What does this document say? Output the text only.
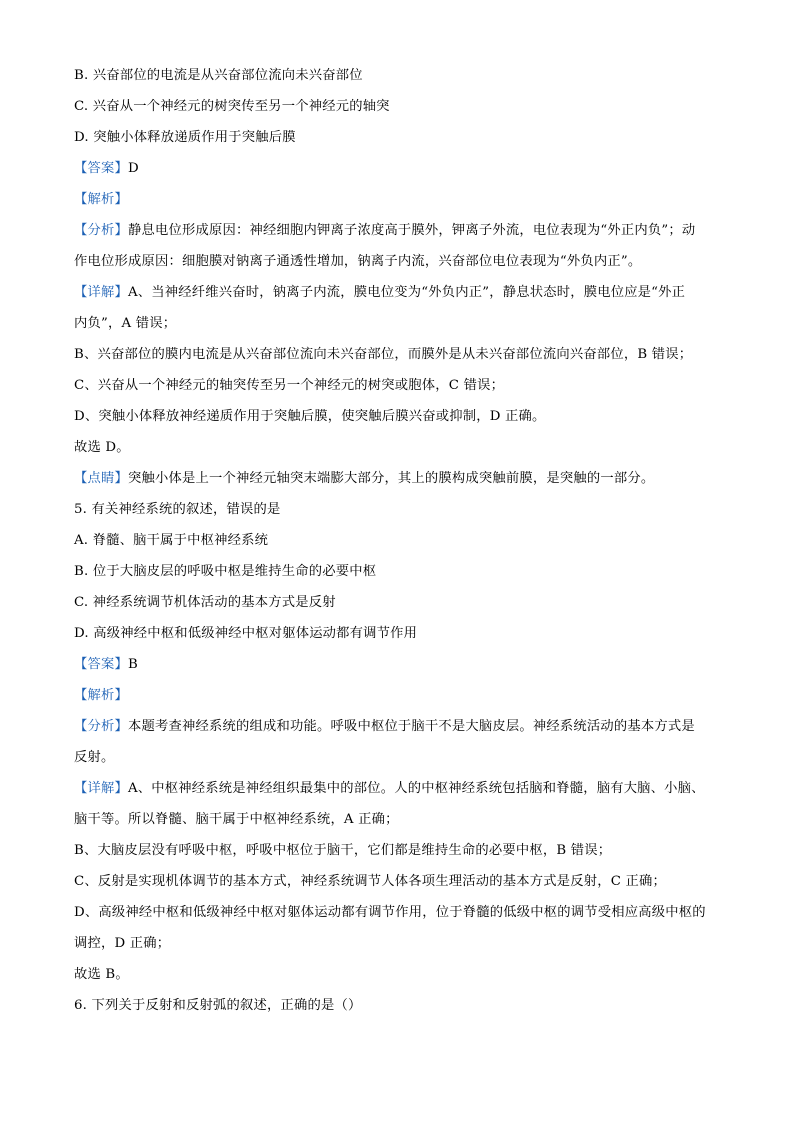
B. 兴奋部位的电流是从兴奋部位流向未兴奋部位
C. 兴奋从一个神经元的树突传至另一个神经元的轴突
D. 突触小体释放递质作用于突触后膜
【答案】D
【解析】
【分析】静息电位形成原因：神经细胞内钾离子浓度高于膜外，钾离子外流，电位表现为“外正内负”；动
作电位形成原因：细胞膜对钠离子通透性增加，钠离子内流，兴奋部位电位表现为“外负内正”。
【详解】A、当神经纤维兴奋时，钠离子内流，膜电位变为“外负内正”，静息状态时，膜电位应是“外正
内负”，A 错误；
B、兴奋部位的膜内电流是从兴奋部位流向未兴奋部位，而膜外是从未兴奋部位流向兴奋部位，B 错误；
C、兴奋从一个神经元的轴突传至另一个神经元的树突或胞体，C 错误；
D、突触小体释放神经递质作用于突触后膜，使突触后膜兴奋或抑制，D 正确。
故选 D。
【点睛】突触小体是上一个神经元轴突末端膨大部分，其上的膜构成突触前膜，是突触的一部分。
5. 有关神经系统的叙述，错误的是
A. 脊髓、脑干属于中枢神经系统
B. 位于大脑皮层的呼吸中枢是维持生命的必要中枢
C. 神经系统调节机体活动的基本方式是反射
D. 高级神经中枢和低级神经中枢对躯体运动都有调节作用
【答案】B
【解析】
【分析】本题考查神经系统的组成和功能。呼吸中枢位于脑干不是大脑皮层。神经系统活动的基本方式是
反射。
【详解】A、中枢神经系统是神经组织最集中的部位。人的中枢神经系统包括脑和脊髓，脑有大脑、小脑、
脑干等。所以脊髓、脑干属于中枢神经系统，A 正确；
B、大脑皮层没有呼吸中枢，呼吸中枢位于脑干，它们都是维持生命的必要中枢，B 错误；
C、反射是实现机体调节的基本方式，神经系统调节人体各项生理活动的基本方式是反射，C 正确；
D、高级神经中枢和低级神经中枢对躯体运动都有调节作用，位于脊髓的低级中枢的调节受相应高级中枢的
调控，D 正确；
故选 B。
6. 下列关于反射和反射弧的叙述，正确的是（）
